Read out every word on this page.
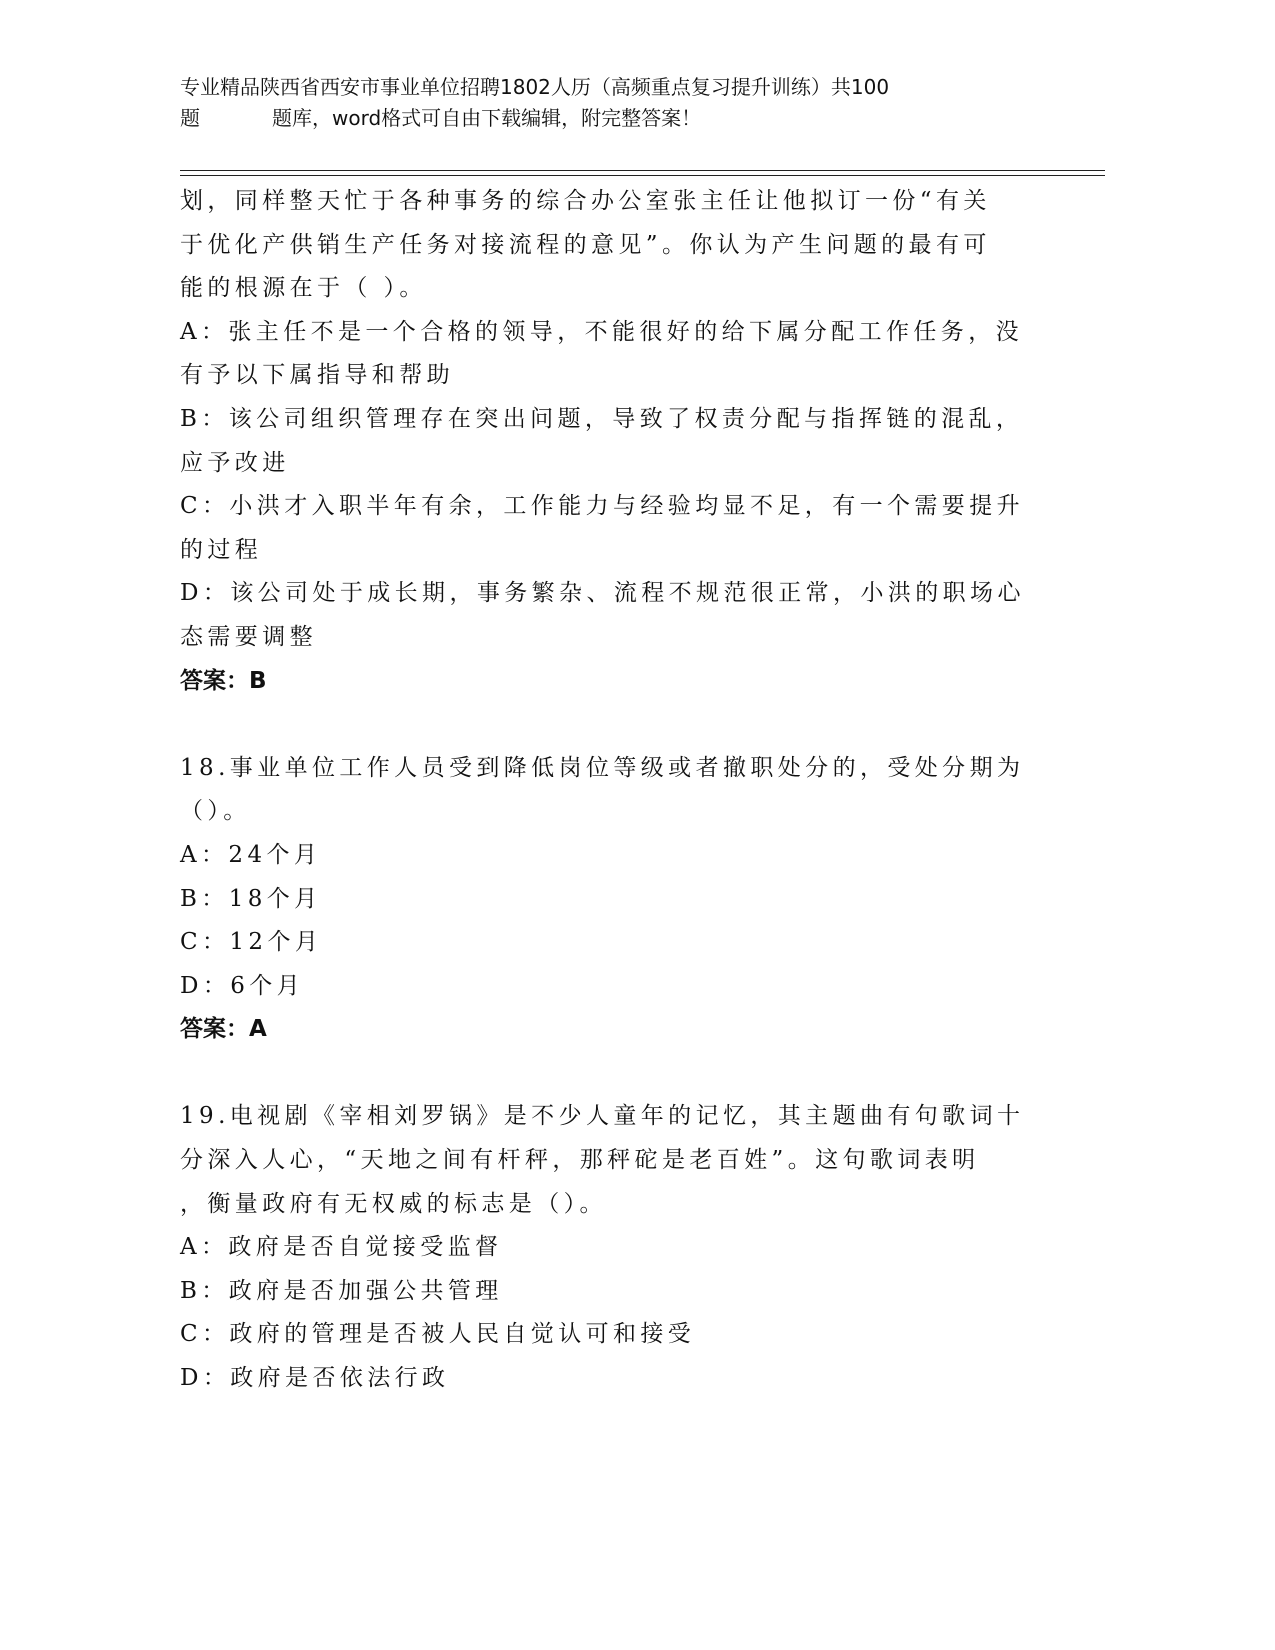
专业精品陕西省西安市事业单位招聘1802人历（高频重点复习提升训练）共100
题	题库，word格式可自由下载编辑，附完整答案！
划，同样整天忙于各种事务的综合办公室张主任让他拟订一份“有关
于优化产供销生产任务对接流程的意见”。你认为产生问题的最有可
能的根源在于（ ）。
A：张主任不是一个合格的领导，不能很好的给下属分配工作任务，没
有予以下属指导和帮助
B：该公司组织管理存在突出问题，导致了权责分配与指挥链的混乱，
应予改进
C：小洪才入职半年有余，工作能力与经验均显不足，有一个需要提升
的过程
D：该公司处于成长期，事务繁杂、流程不规范很正常，小洪的职场心
态需要调整
答案：B
18.事业单位工作人员受到降低岗位等级或者撤职处分的，受处分期为
（）。
A：24个月
B：18个月
C：12个月
D：6个月
答案：A
19.电视剧《宰相刘罗锅》是不少人童年的记忆，其主题曲有句歌词十
分深入人心，“天地之间有杆秤，那秤砣是老百姓”。这句歌词表明
，衡量政府有无权威的标志是（）。
A：政府是否自觉接受监督
B：政府是否加强公共管理
C：政府的管理是否被人民自觉认可和接受
D：政府是否依法行政
